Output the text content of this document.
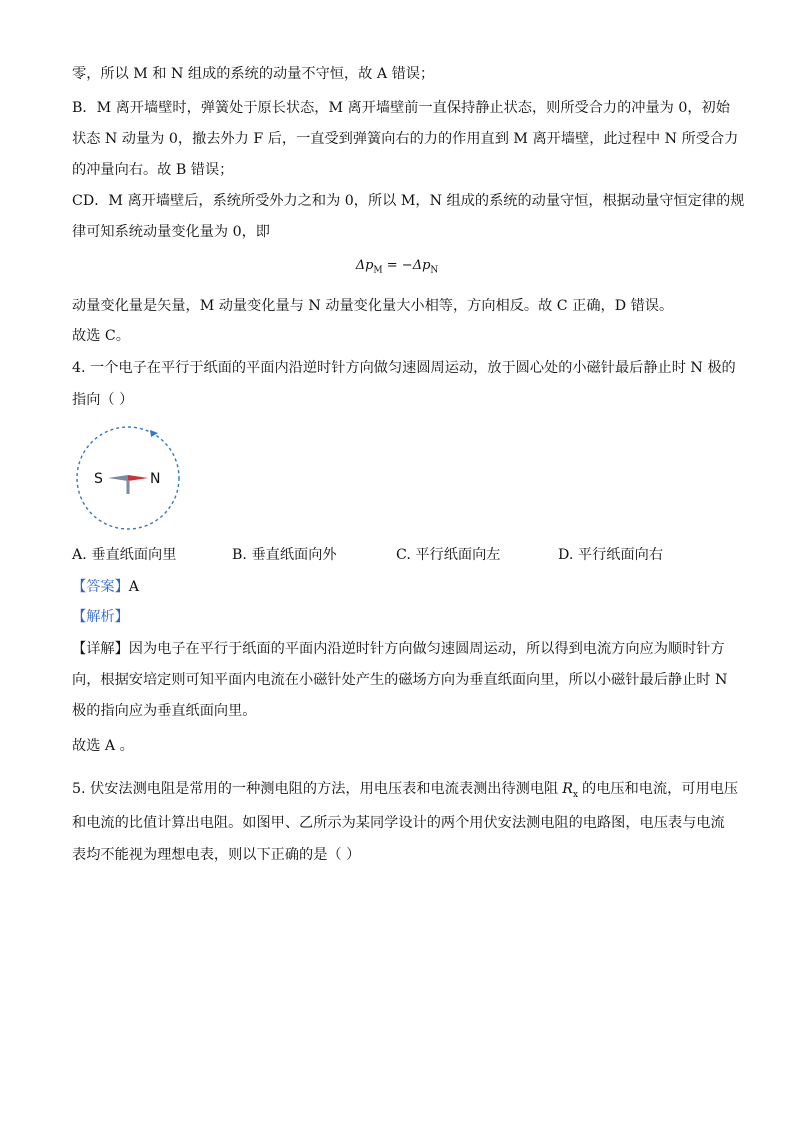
零，所以 M 和 N 组成的系统的动量不守恒，故 A 错误；
B．M 离开墙壁时，弹簧处于原长状态，M 离开墙壁前一直保持静止状态，则所受合力的冲量为 0，初始
状态 N 动量为 0，撤去外力 F 后，一直受到弹簧向右的力的作用直到 M 离开墙壁，此过程中 N 所受合力
的冲量向右。故 B 错误；
CD．M 离开墙壁后，系统所受外力之和为 0，所以 M，N 组成的系统的动量守恒，根据动量守恒定律的规
律可知系统动量变化量为 0，即
$\Delta p_M = -\Delta p_N$
动量变化量是矢量，M 动量变化量与 N 动量变化量大小相等，方向相反。故 C 正确，D 错误。
故选 C。
4. 一个电子在平行于纸面的平面内沿逆时针方向做匀速圆周运动，放于圆心处的小磁针最后静止时 N 极的
指向（ ）
S	N
A. 垂直纸面向里	B. 垂直纸面向外	C. 平行纸面向左	D. 平行纸面向右
【答案】A
【解析】
【详解】因为电子在平行于纸面的平面内沿逆时针方向做匀速圆周运动，所以得到电流方向应为顺时针方
向，根据安培定则可知平面内电流在小磁针处产生的磁场方向为垂直纸面向里，所以小磁针最后静止时 N
极的指向应为垂直纸面向里。
故选 A 。
5. 伏安法测电阻是常用的一种测电阻的方法，用电压表和电流表测出待测电阻 $R_x$ 的电压和电流，可用电压
和电流的比值计算出电阻。如图甲、乙所示为某同学设计的两个用伏安法测电阻的电路图，电压表与电流
表均不能视为理想电表，则以下正确的是（ ）
